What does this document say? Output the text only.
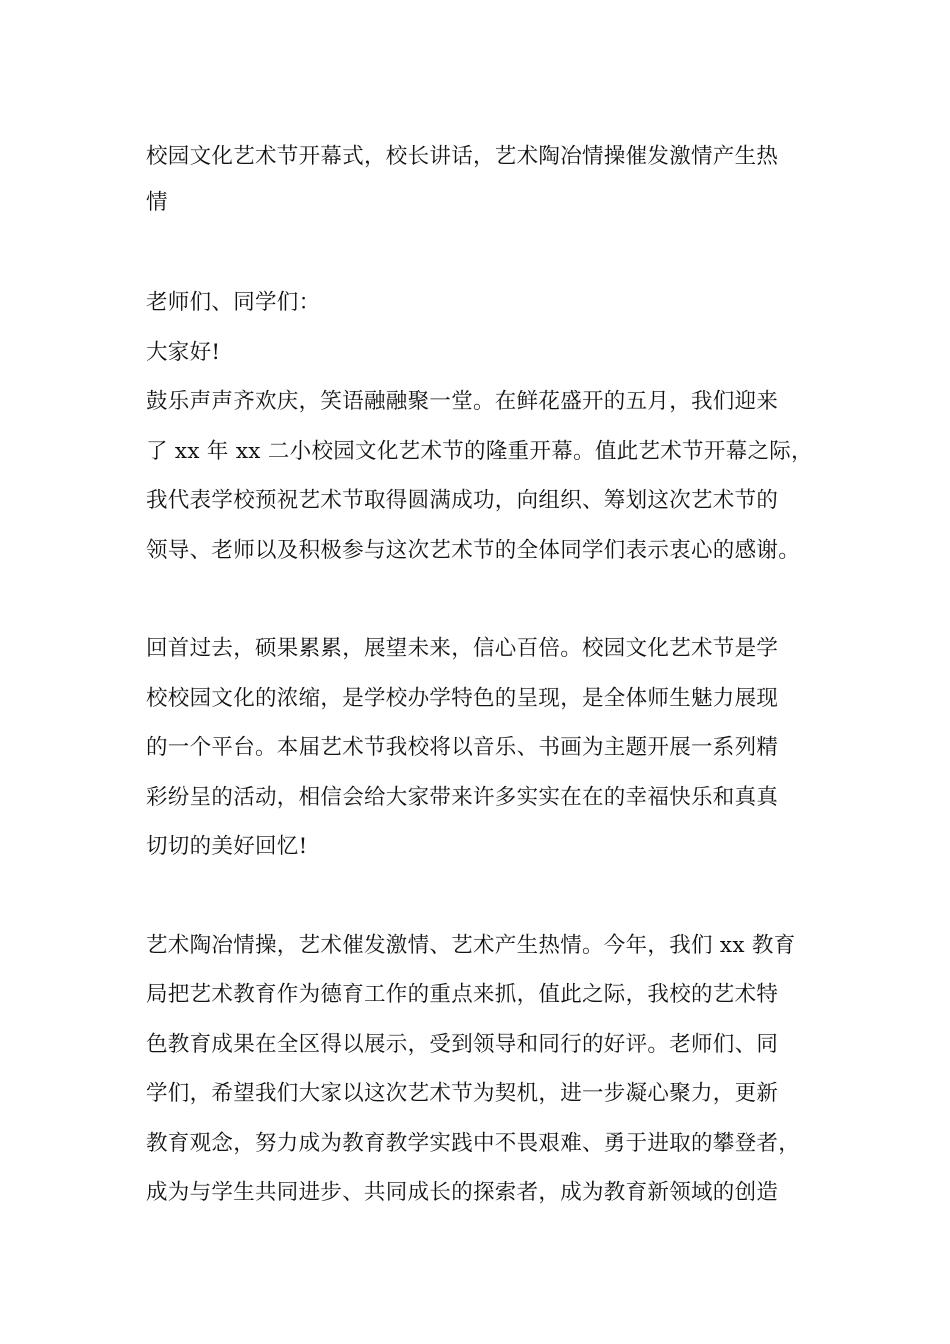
校园文化艺术节开幕式，校长讲话，艺术陶冶情操催发激情产生热
情

老师们、同学们：

大家好!

鼓乐声声齐欢庆，笑语融融聚一堂。在鲜花盛开的五月，我们迎来

了 xx 年 xx 二小校园文化艺术节的隆重开幕。值此艺术节开幕之际，

我代表学校预祝艺术节取得圆满成功，向组织、筹划这次艺术节的

领导、老师以及积极参与这次艺术节的全体同学们表示衷心的感谢。

回首过去，硕果累累，展望未来，信心百倍。校园文化艺术节是学

校校园文化的浓缩，是学校办学特色的呈现，是全体师生魅力展现

的一个平台。本届艺术节我校将以音乐、书画为主题开展一系列精

彩纷呈的活动，相信会给大家带来许多实实在在的幸福快乐和真真

切切的美好回忆!

艺术陶冶情操，艺术催发激情、艺术产生热情。今年，我们 xx 教育

局把艺术教育作为德育工作的重点来抓，值此之际，我校的艺术特

色教育成果在全区得以展示，受到领导和同行的好评。老师们、同

学们，希望我们大家以这次艺术节为契机，进一步凝心聚力，更新

教育观念，努力成为教育教学实践中不畏艰难、勇于进取的攀登者，

成为与学生共同进步、共同成长的探索者，成为教育新领域的创造
